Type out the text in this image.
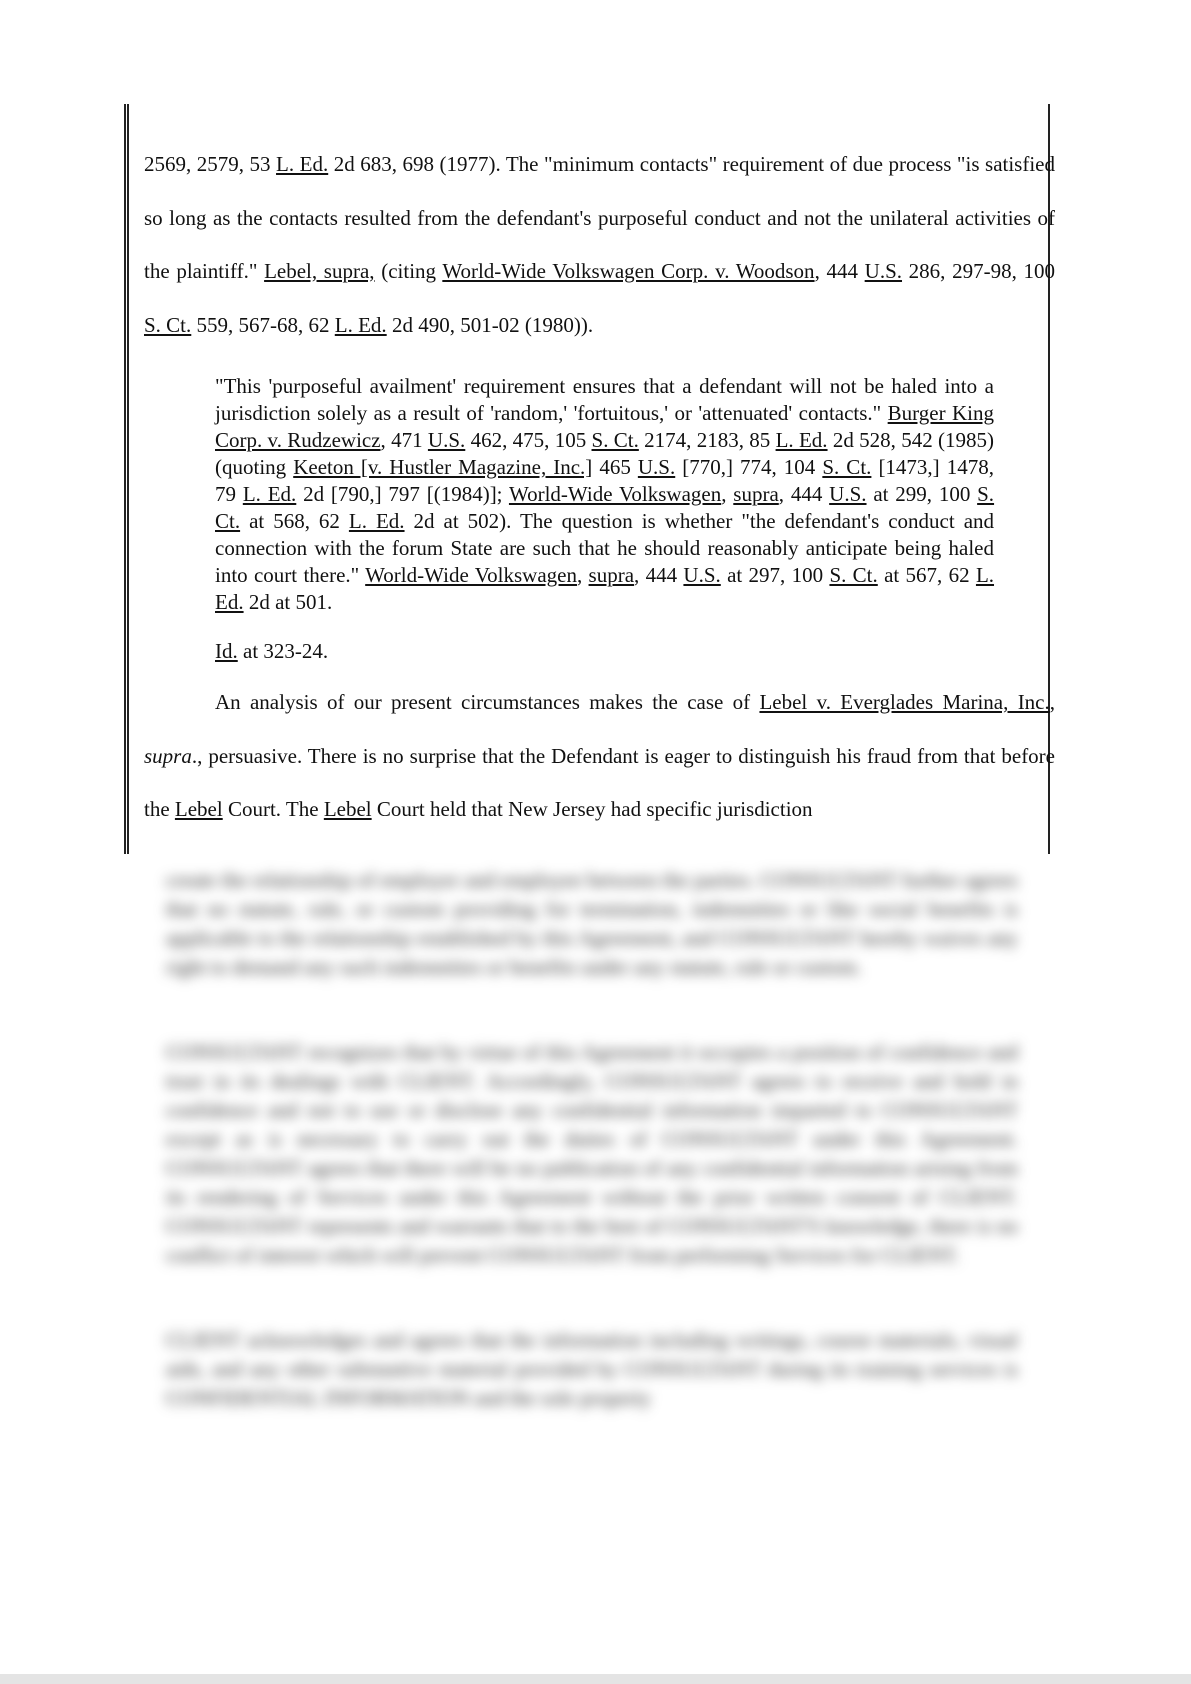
2569, 2579, 53 L. Ed. 2d 683, 698 (1977). The "minimum contacts" requirement of due process "is satisfied so long as the contacts resulted from the defendant's purposeful conduct and not the unilateral activities of the plaintiff." Lebel, supra, (citing World-Wide Volkswagen Corp. v. Woodson, 444 U.S. 286, 297-98, 100 S. Ct. 559, 567-68, 62 L. Ed. 2d 490, 501-02 (1980)).

"This 'purposeful availment' requirement ensures that a defendant will not be haled into a jurisdiction solely as a result of 'random,' 'fortuitous,' or 'attenuated' contacts." Burger King Corp. v. Rudzewicz, 471 U.S. 462, 475, 105 S. Ct. 2174, 2183, 85 L. Ed. 2d 528, 542 (1985) (quoting Keeton [v. Hustler Magazine, Inc.] 465 U.S. [770,] 774, 104 S. Ct. [1473,] 1478, 79 L. Ed. 2d [790,] 797 [(1984)]; World-Wide Volkswagen, supra, 444 U.S. at 299, 100 S. Ct. at 568, 62 L. Ed. 2d at 502). The question is whether "the defendant's conduct and connection with the forum State are such that he should reasonably anticipate being haled into court there." World-Wide Volkswagen, supra, 444 U.S. at 297, 100 S. Ct. at 567, 62 L. Ed. 2d at 501.

Id. at 323-24.

An analysis of our present circumstances makes the case of Lebel v. Everglades Marina, Inc., supra., persuasive. There is no surprise that the Defendant is eager to distinguish his fraud from that before the Lebel Court. The Lebel Court held that New Jersey had specific jurisdiction

create the relationship of employer and employee between the parties. CONSULTANT further agrees that no statute, rule, or custom providing for termination, indemnities or like social benefits is applicable to the relationship established by this Agreement, and CONSULTANT hereby waives any right to demand any such indemnities or benefits under any statute, rule or custom.

CONSULTANT recognizes that by virtue of this Agreement it occupies a position of confidence and trust in its dealings with CLIENT. Accordingly, CONSULTANT agrees to receive and hold in confidence and not to use or disclose any confidential information imparted to CONSULTANT except as is necessary to carry out the duties of CONSULTANT under this Agreement. CONSULTANT agrees that there will be no publication of any confidential information arising from its rendering of Services under this Agreement without the prior written consent of CLIENT. CONSULTANT represents and warrants that to the best of CONSULTANT'S knowledge, there is no conflict of interest which will prevent CONSULTANT from performing Services for CLIENT.

CLIENT acknowledges and agrees that the information including writings, course materials, visual aids, and any other substantive material provided by CONSULTANT during its training services is CONFIDENTIAL INFORMATION and the sole property
